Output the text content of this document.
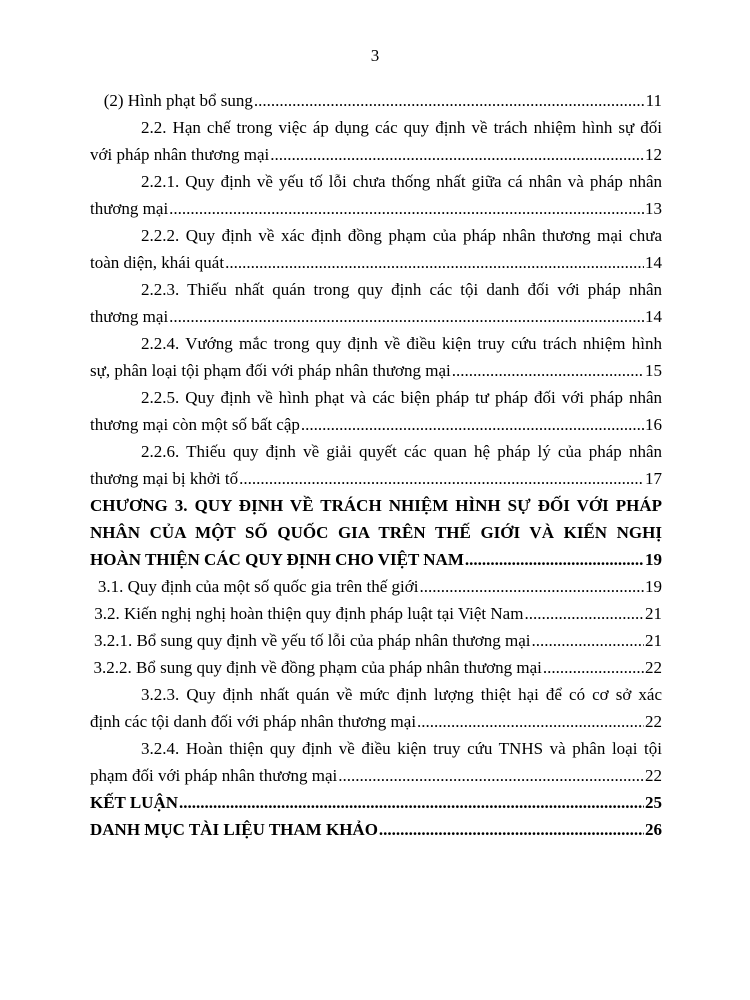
3
(2) Hình phạt bổ sung .....	11
2.2. Hạn chế trong việc áp dụng các quy định về trách nhiệm hình sự đối
với pháp nhân thương mại .....	12
2.2.1. Quy định về yếu tố lỗi chưa thống nhất giữa cá nhân và pháp nhân
thương mại .....	13
2.2.2. Quy định về xác định đồng phạm của pháp nhân thương mại chưa
toàn diện, khái quát .....	14
2.2.3. Thiếu nhất quán trong quy định các tội danh đối với pháp nhân
thương mại .....	14
2.2.4. Vướng mắc trong quy định về điều kiện truy cứu trách nhiệm hình
sự, phân loại tội phạm đối với pháp nhân thương mại .....	15
2.2.5. Quy định về hình phạt và các biện pháp tư pháp đối với pháp nhân
thương mại còn một số bất cập .....	16
2.2.6. Thiếu quy định về giải quyết các quan hệ pháp lý của pháp nhân
thương mại bị khởi tố .....	17
CHƯƠNG 3. QUY ĐỊNH VỀ TRÁCH NHIỆM HÌNH SỰ ĐỐI VỚI PHÁP
NHÂN CỦA MỘT SỐ QUỐC GIA TRÊN THẾ GIỚI VÀ KIẾN NGHỊ
HOÀN THIỆN CÁC QUY ĐỊNH CHO VIỆT NAM .....	19
3.1. Quy định của một số quốc gia trên thế giới .....	19
3.2. Kiến nghị nghị hoàn thiện quy định pháp luật tại Việt Nam .....	21
3.2.1. Bổ sung quy định về yếu tố lỗi của pháp nhân thương mại .....	21
3.2.2. Bổ sung quy định về đồng phạm của pháp nhân thương mại .....	22
3.2.3. Quy định nhất quán về mức định lượng thiệt hại để có cơ sở xác
định các tội danh đối với pháp nhân thương mại .....	22
3.2.4. Hoàn thiện quy định về điều kiện truy cứu TNHS và phân loại tội
phạm đối với pháp nhân thương mại .....	22
KẾT LUẬN .....	25
DANH MỤC TÀI LIỆU THAM KHẢO .....	26
